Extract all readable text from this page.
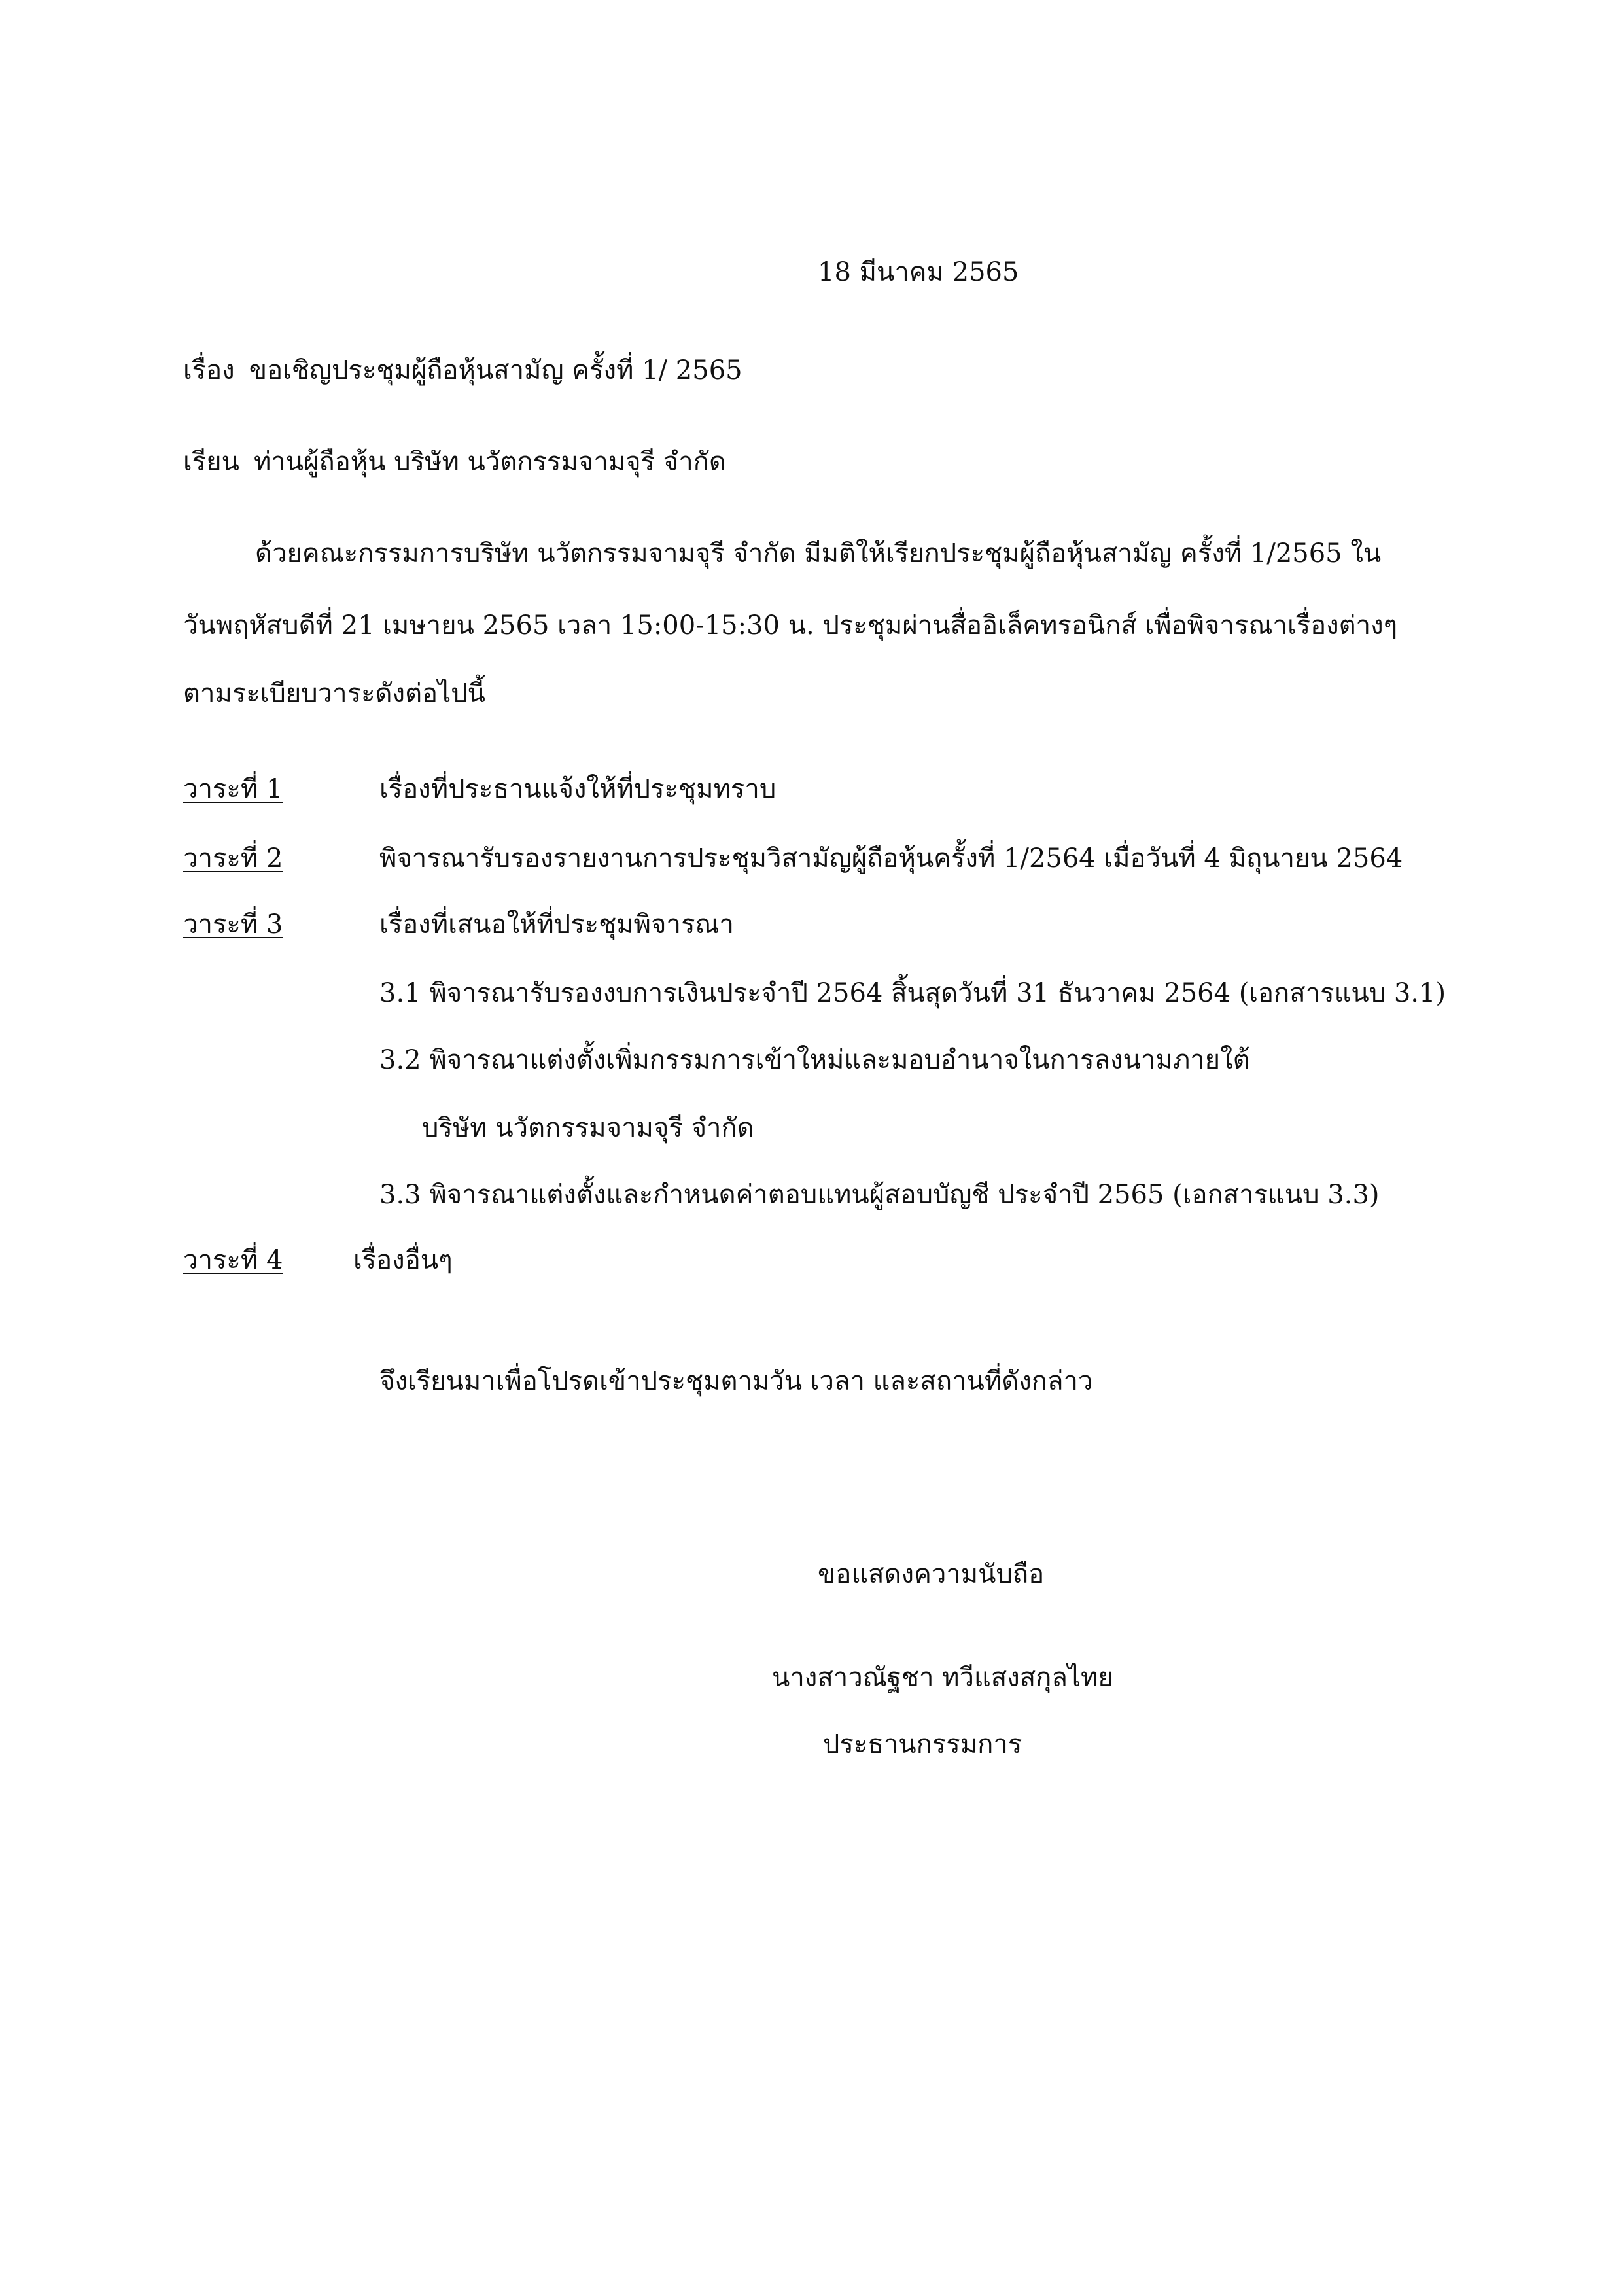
18 มีนาคม 2565
เรื่อง ขอเชิญประชุมผู้ถือหุ้นสามัญ ครั้งที่ 1/ 2565
เรียน ท่านผู้ถือหุ้น บริษัท นวัตกรรมจามจุรี จำกัด
ด้วยคณะกรรมการบริษัท นวัตกรรมจามจุรี จำกัด มีมติให้เรียกประชุมผู้ถือหุ้นสามัญ ครั้งที่ 1/2565 ใน
วันพฤหัสบดีที่ 21 เมษายน 2565 เวลา 15:00-15:30 น. ประชุมผ่านสื่ออิเล็คทรอนิกส์ เพื่อพิจารณาเรื่องต่างๆ
ตามระเบียบวาระดังต่อไปนี้
วาระที่ 1	เรื่องที่ประธานแจ้งให้ที่ประชุมทราบ
วาระที่ 2	พิจารณารับรองรายงานการประชุมวิสามัญผู้ถือหุ้นครั้งที่ 1/2564 เมื่อวันที่ 4 มิถุนายน 2564
วาระที่ 3	เรื่องที่เสนอให้ที่ประชุมพิจารณา
3.1 พิจารณารับรองงบการเงินประจำปี 2564 สิ้นสุดวันที่ 31 ธันวาคม 2564 (เอกสารแนบ 3.1)
3.2 พิจารณาแต่งตั้งเพิ่มกรรมการเข้าใหม่และมอบอำนาจในการลงนามภายใต้
บริษัท นวัตกรรมจามจุรี จำกัด
3.3 พิจารณาแต่งตั้งและกำหนดค่าตอบแทนผู้สอบบัญชี ประจำปี 2565 (เอกสารแนบ 3.3)
วาระที่ 4	เรื่องอื่นๆ
จึงเรียนมาเพื่อโปรดเข้าประชุมตามวัน เวลา และสถานที่ดังกล่าว
ขอแสดงความนับถือ
นางสาวณัฐชา ทวีแสงสกุลไทย
ประธานกรรมการ
